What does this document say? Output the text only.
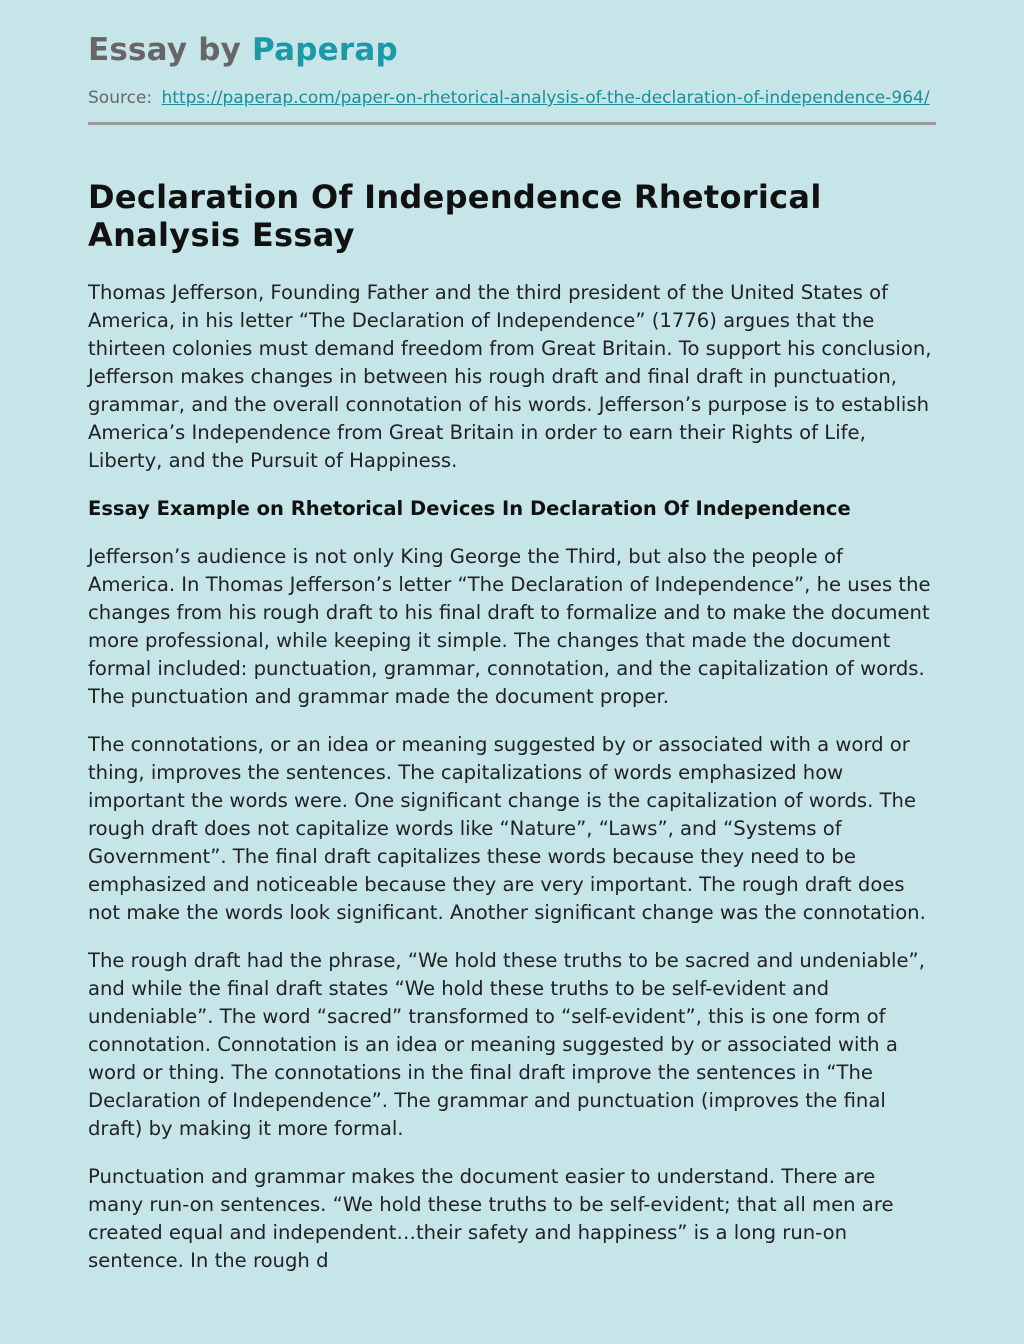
Essay by Paperap
Source: https://paperap.com/paper-on-rhetorical-analysis-of-the-declaration-of-independence-964/
Declaration Of Independence Rhetorical Analysis Essay

Thomas Jefferson, Founding Father and the third president of the United States of America, in his letter “The Declaration of Independence” (1776) argues that the thirteen colonies must demand freedom from Great Britain. To support his conclusion, Jefferson makes changes in between his rough draft and final draft in punctuation, grammar, and the overall connotation of his words. Jefferson’s purpose is to establish America’s Independence from Great Britain in order to earn their Rights of Life, Liberty, and the Pursuit of Happiness.

Essay Example on Rhetorical Devices In Declaration Of Independence

Jefferson’s audience is not only King George the Third, but also the people of America. In Thomas Jefferson’s letter “The Declaration of Independence”, he uses the changes from his rough draft to his final draft to formalize and to make the document more professional, while keeping it simple. The changes that made the document formal included: punctuation, grammar, connotation, and the capitalization of words. The punctuation and grammar made the document proper.

The connotations, or an idea or meaning suggested by or associated with a word or thing, improves the sentences. The capitalizations of words emphasized how important the words were. One significant change is the capitalization of words. The rough draft does not capitalize words like “Nature”, “Laws”, and “Systems of Government”. The final draft capitalizes these words because they need to be emphasized and noticeable because they are very important. The rough draft does not make the words look significant. Another significant change was the connotation.

The rough draft had the phrase, “We hold these truths to be sacred and undeniable”, and while the final draft states “We hold these truths to be self-evident and undeniable”. The word “sacred” transformed to “self-evident”, this is one form of connotation. Connotation is an idea or meaning suggested by or associated with a word or thing. The connotations in the final draft improve the sentences in “The Declaration of Independence”. The grammar and punctuation (improves the final draft) by making it more formal.

Punctuation and grammar makes the document easier to understand. There are many run-on sentences. “We hold these truths to be self-evident; that all men are created equal and independent…their safety and happiness” is a long run-on sentence. In the rough d
